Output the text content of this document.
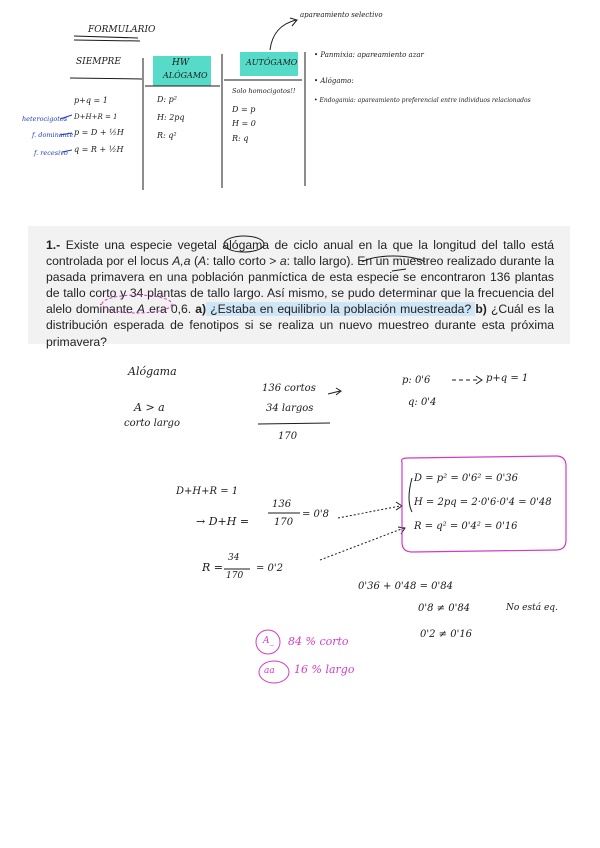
FORMULARIO
apareamiento selectivo
SIEMPRE	HW
ALÓGAMO
AUTÓGAMO
p+q = 1
D+H+R = 1
p = D + ½H
q = R + ½H
heterocigotos
f. dominante
f. recesivo
D: p²
H: 2pq
R: q²
Solo homocigotos!!
D = p
H = 0
R: q
• Panmixia: apareamiento azar
• Alógamo:
• Endogamia: apareamiento preferencial entre individuos relacionados

1.- Existe una especie vegetal alógama de ciclo anual en la que la longitud del tallo está controlada por el locus A,a (A: tallo corto > a: tallo largo). En un muestreo realizado durante la pasada primavera en una población panmíctica de esta especie se encontraron 136 plantas de tallo corto y 34 plantas de tallo largo. Así mismo, se pudo determinar que la frecuencia del alelo dominante A era 0,6. a) ¿Estaba en equilibrio la población muestreada? b) ¿Cuál es la distribución esperada de fenotipos si se realiza un nuevo muestreo durante esta próxima primavera?

Alógama
A > a
corto largo
136 cortos
34 largos
170
p: 0'6
q: 0'4
p+q = 1
D+H+R = 1
→ D+H =
136
170
= 0'8
R =
34
170
= 0'2
D = p² = 0'6² = 0'36
H = 2pq = 2·0'6·0'4 = 0'48
R = q² = 0'4² = 0'16
0'36 + 0'48 = 0'84
0'8 ≠ 0'84
0'2 ≠ 0'16
No está eq.
A_ 84 % corto
aa 16 % largo
